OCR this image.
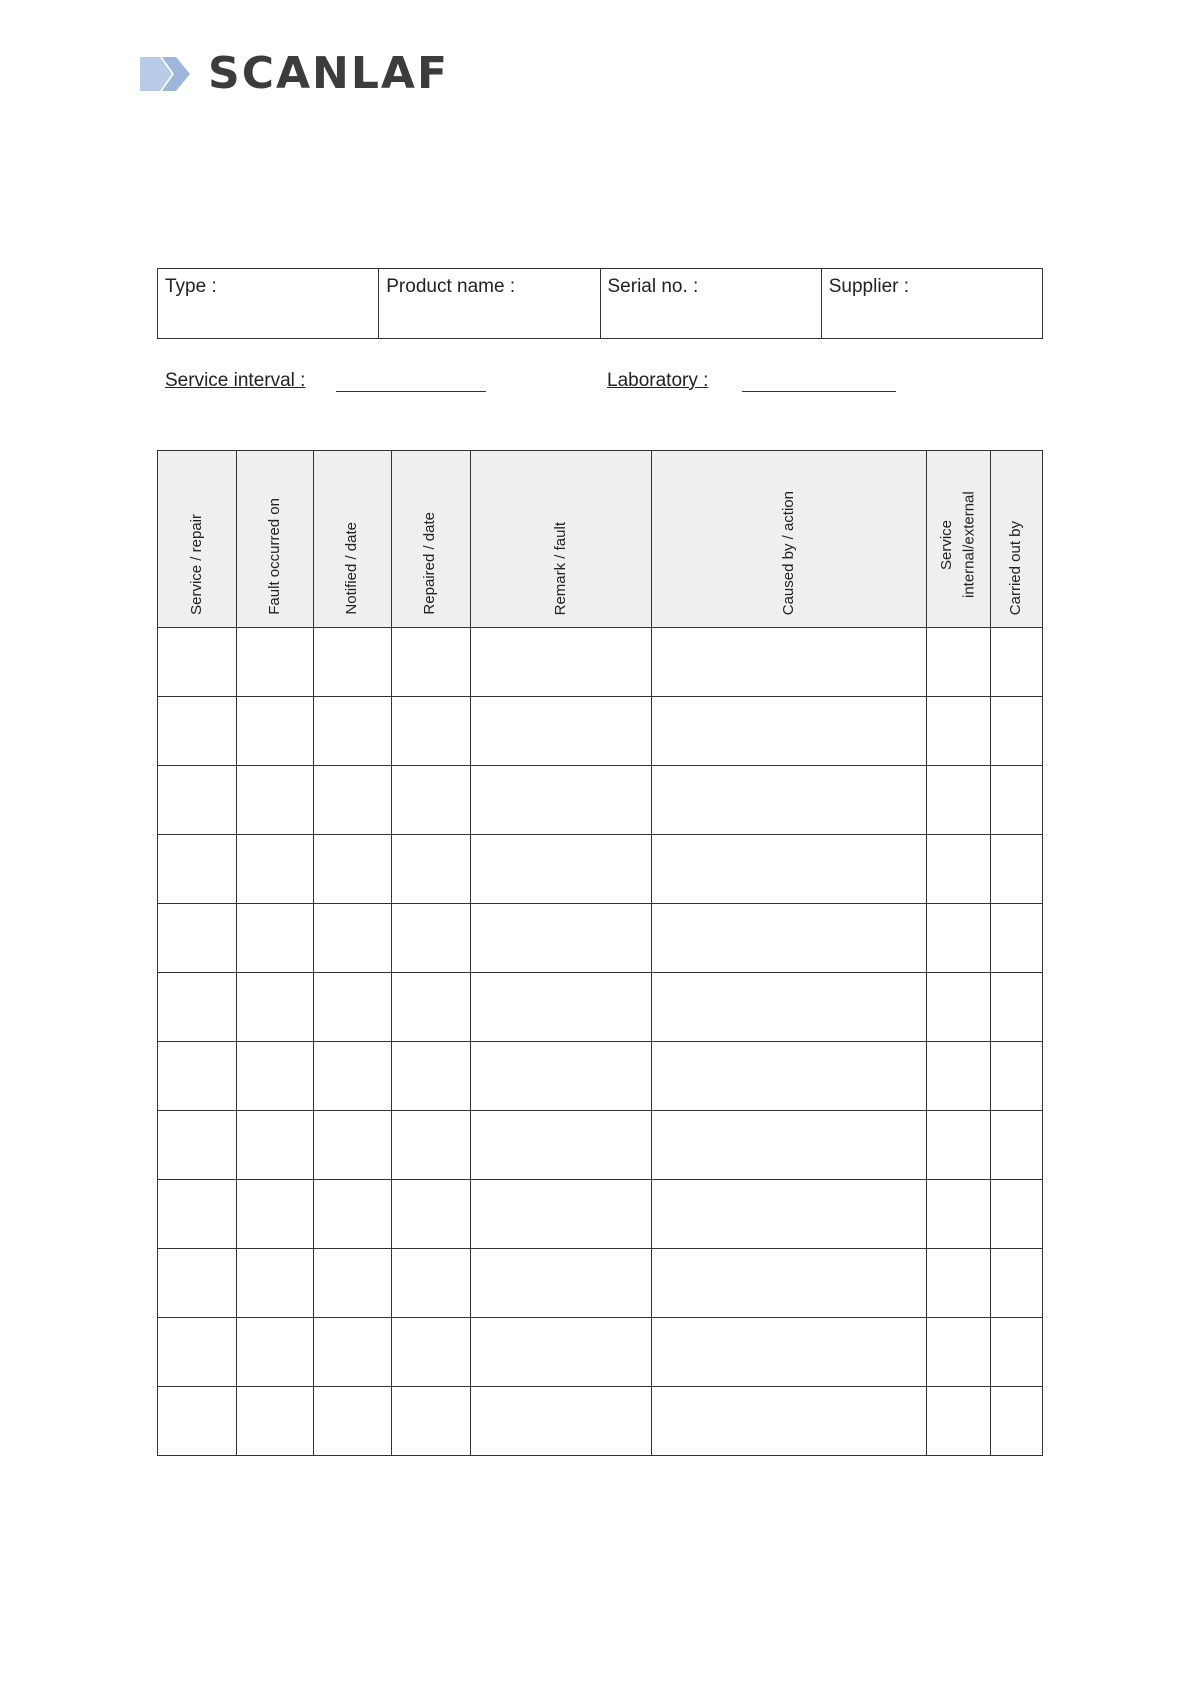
SCANLAF
Type :	Product name :	Serial no. :	Supplier :
Service interval :	Laboratory :
Service / repair	Fault occurred on	Notified / date	Repaired / date	Remark / fault	Caused by / action	Service internal/external	Carried out by
